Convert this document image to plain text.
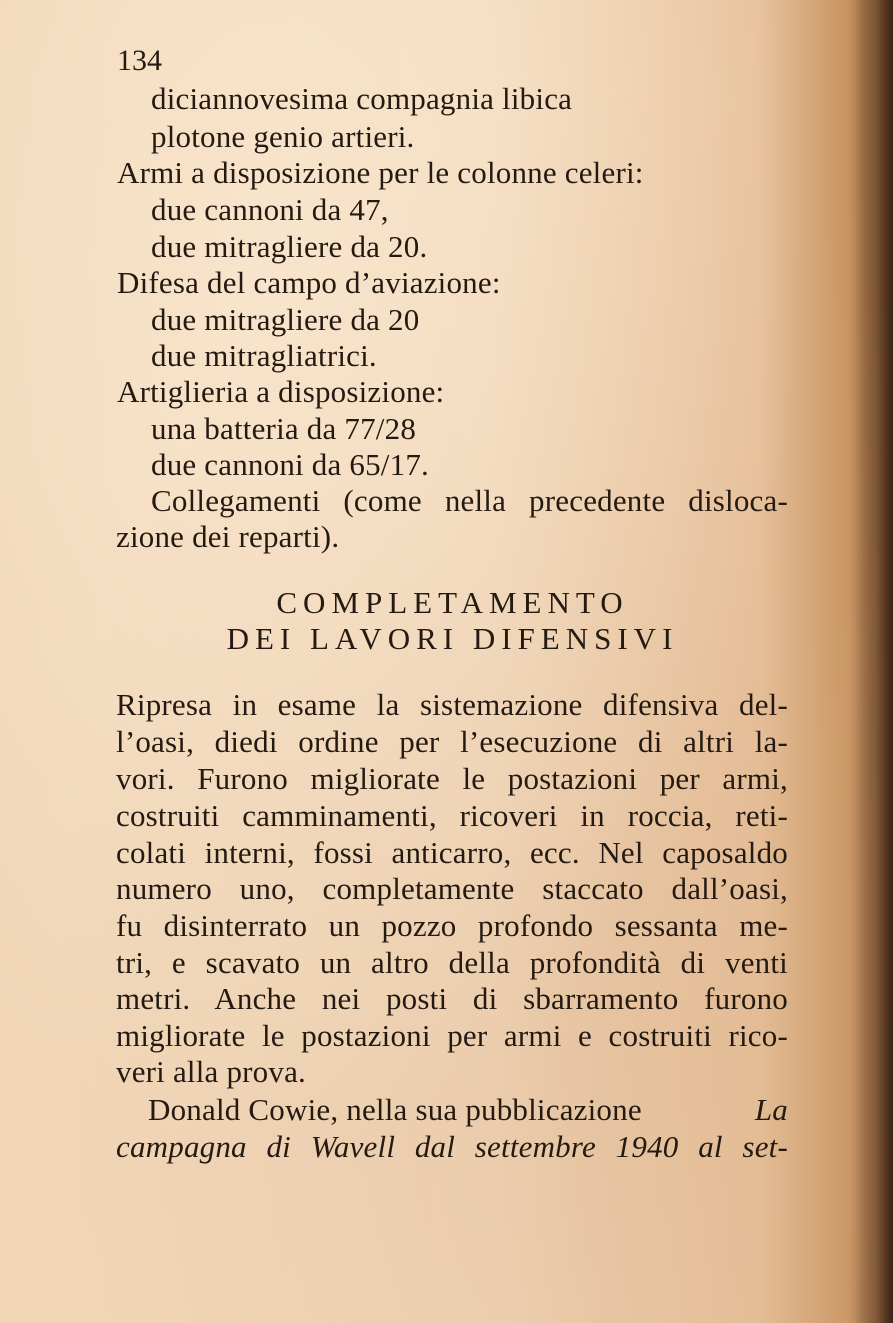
134
diciannovesima compagnia libica
plotone genio artieri.
Armi a disposizione per le colonne celeri:
due cannoni da 47,
due mitragliere da 20.
Difesa del campo d’aviazione:
due mitragliere da 20
due mitragliatrici.
Artiglieria a disposizione:
una batteria da 77/28
due cannoni da 65/17.
Collegamenti (come nella precedente disloca-
zione dei reparti).
COMPLETAMENTO
DEI LAVORI DIFENSIVI
Ripresa in esame la sistemazione difensiva del-
l’oasi, diedi ordine per l’esecuzione di altri la-
vori. Furono migliorate le postazioni per armi,
costruiti camminamenti, ricoveri in roccia, reti-
colati interni, fossi anticarro, ecc. Nel caposaldo
numero uno, completamente staccato dall’oasi,
fu disinterrato un pozzo profondo sessanta me-
tri, e scavato un altro della profondità di venti
metri. Anche nei posti di sbarramento furono
migliorate le postazioni per armi e costruiti rico-
veri alla prova.
Donald Cowie, nella sua pubblicazione	La
campagna di Wavell dal settembre 1940 al set-
